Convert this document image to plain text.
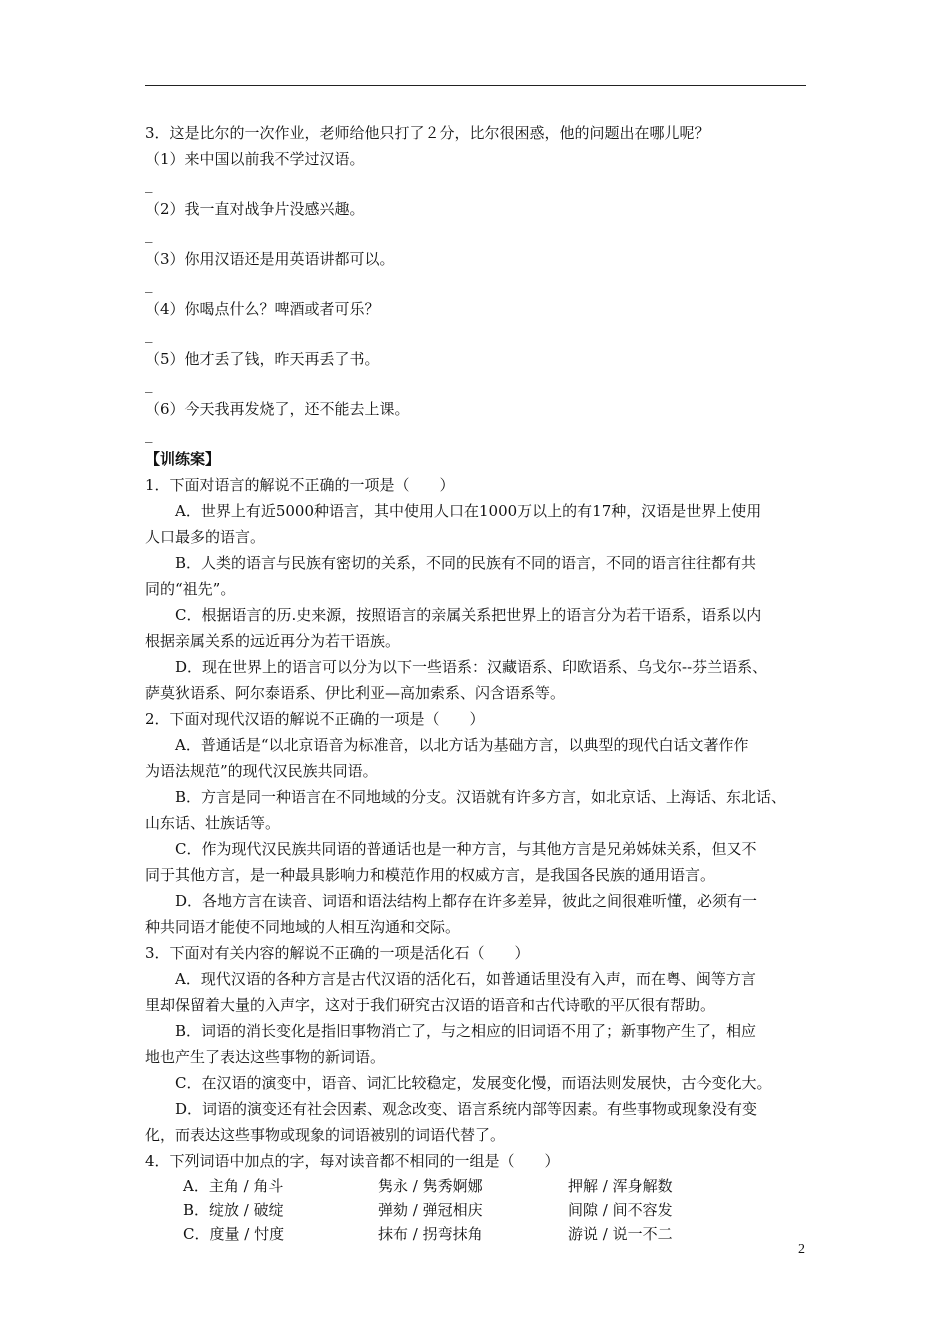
3．这是比尔的一次作业，老师给他只打了２分，比尔很困惑，他的问题出在哪儿呢？
（1）来中国以前我不学过汉语。
_
（2）我一直对战争片没感兴趣。
_
（3）你用汉语还是用英语讲都可以。
_
（4）你喝点什么？啤酒或者可乐？
_
（5）他才丢了钱，昨天再丢了书。
_
（6）今天我再发烧了，还不能去上课。
_
【训练案】
1．下面对语言的解说不正确的一项是（　　）
A．世界上有近5000种语言，其中使用人口在1000万以上的有17种，汉语是世界上使用
人口最多的语言。
B．人类的语言与民族有密切的关系，不同的民族有不同的语言，不同的语言往往都有共
同的“祖先”。
C．根据语言的历.史来源，按照语言的亲属关系把世界上的语言分为若干语系，语系以内
根据亲属关系的远近再分为若干语族。
D．现在世界上的语言可以分为以下一些语系：汉藏语系、印欧语系、乌戈尔--芬兰语系、
萨莫狄语系、阿尔泰语系、伊比利亚—高加索系、闪含语系等。
2．下面对现代汉语的解说不正确的一项是（　　）
A．普通话是“以北京语音为标准音，以北方话为基础方言，以典型的现代白话文著作作
为语法规范”的现代汉民族共同语。
B．方言是同一种语言在不同地域的分支。汉语就有许多方言，如北京话、上海话、东北话、
山东话、壮族话等。
C．作为现代汉民族共同语的普通话也是一种方言，与其他方言是兄弟姊妹关系，但又不
同于其他方言，是一种最具影响力和模范作用的权威方言，是我国各民族的通用语言。
D．各地方言在读音、词语和语法结构上都存在许多差异，彼此之间很难听懂，必须有一
种共同语才能使不同地域的人相互沟通和交际。
3．下面对有关内容的解说不正确的一项是活化石（　　）
A．现代汉语的各种方言是古代汉语的活化石，如普通话里没有入声，而在粤、闽等方言
里却保留着大量的入声字，这对于我们研究古汉语的语音和古代诗歌的平仄很有帮助。
B．词语的消长变化是指旧事物消亡了，与之相应的旧词语不用了；新事物产生了，相应
地也产生了表达这些事物的新词语。
C．在汉语的演变中，语音、词汇比较稳定，发展变化慢，而语法则发展快，古今变化大。
D．词语的演变还有社会因素、观念改变、语言系统内部等因素。有些事物或现象没有变
化，而表达这些事物或现象的词语被别的词语代替了。
4．下列词语中加点的字，每对读音都不相同的一组是（　　）
A．主角 / 角斗	隽永 / 隽秀婀娜	押解 / 浑身解数
B．绽放 / 破绽	弹劾 / 弹冠相庆	间隙 / 间不容发
C．度量 / 忖度	抹布 / 拐弯抹角	游说 / 说一不二
2
